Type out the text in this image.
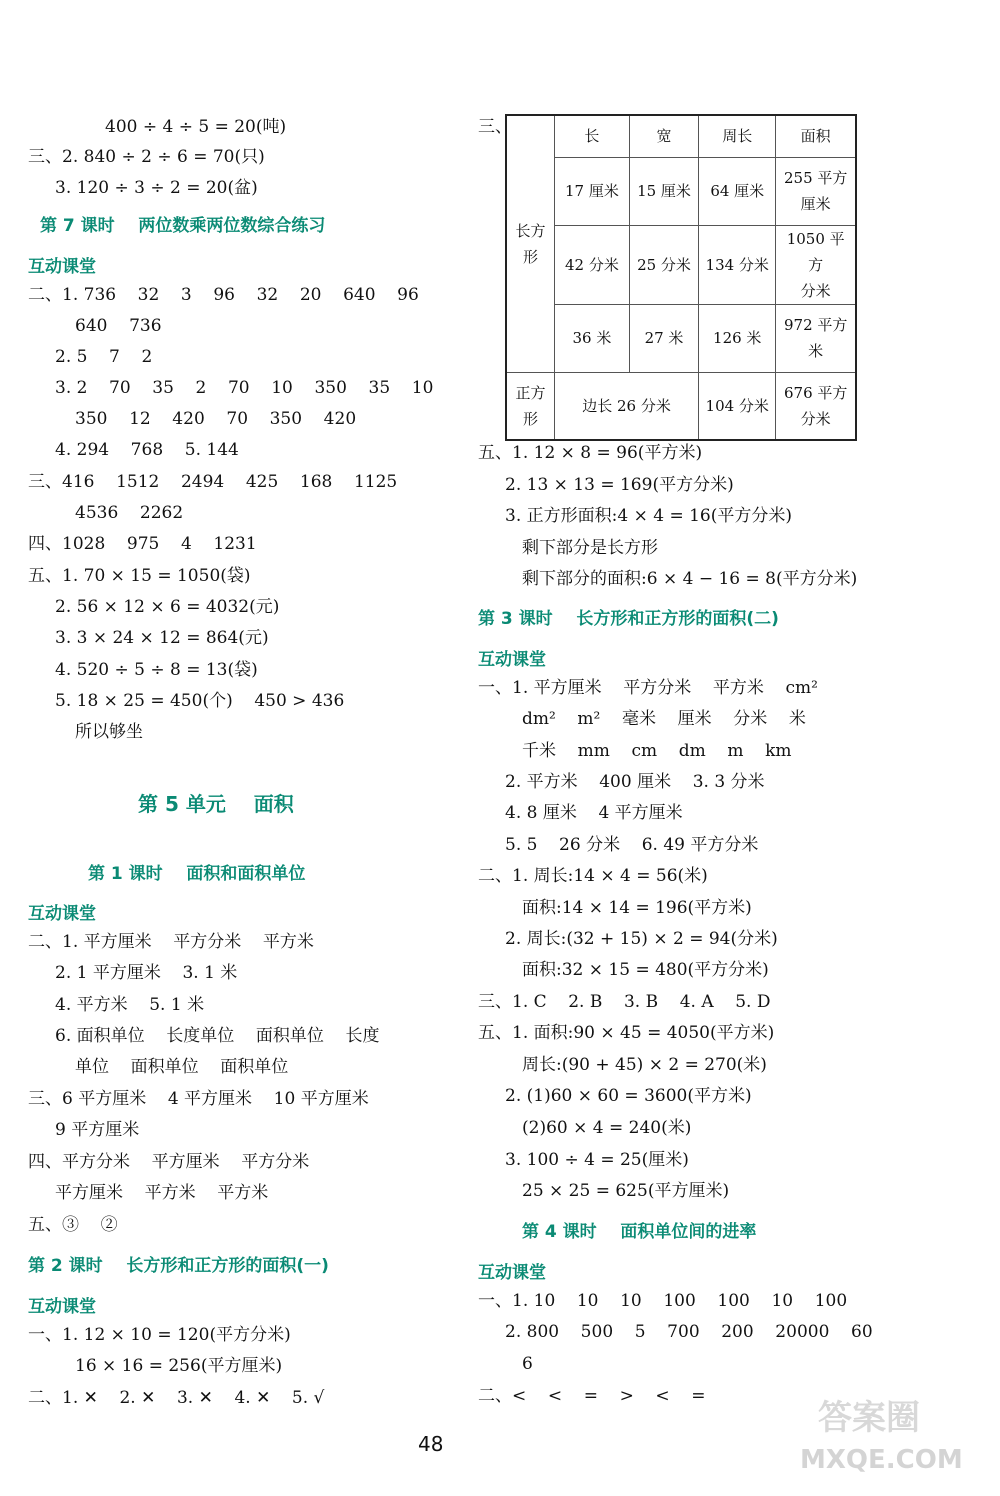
400 ÷ 4 ÷ 5 = 20(吨)
三、2. 840 ÷ 2 ÷ 6 = 70(只)
3. 120 ÷ 3 ÷ 2 = 20(盆)
第 7 课时    两位数乘两位数综合练习
互动课堂
二、1. 736    32    3    96    32    20    640    96
640    736
2. 5    7    2
3. 2    70    35    2    70    10    350    35    10
350    12    420    70    350    420
4. 294    768    5. 144
三、416    1512    2494    425    168    1125
4536    2262
四、1028    975    4    1231
五、1. 70 × 15 = 1050(袋)
2. 56 × 12 × 6 = 4032(元)
3. 3 × 24 × 12 = 864(元)
4. 520 ÷ 5 ÷ 8 = 13(袋)
5. 18 × 25 = 450(个)    450 > 436
所以够坐
第 5 单元    面积
第 1 课时    面积和面积单位
互动课堂
二、1. 平方厘米    平方分米    平方米
2. 1 平方厘米    3. 1 米
4. 平方米    5. 1 米
6. 面积单位    长度单位    面积单位    长度
单位    面积单位    面积单位
三、6 平方厘米    4 平方厘米    10 平方厘米
9 平方厘米
四、平方分米    平方厘米    平方分米
平方厘米    平方米    平方米
五、③    ②
第 2 课时    长方形和正方形的面积(一)
互动课堂
一、1. 12 × 10 = 120(平方分米)
16 × 16 = 256(平方厘米)
二、1. ✕    2. ✕    3. ✕    4. ✕    5. √
三、
长方形	长	宽	周长	面积
	17 厘米	15 厘米	64 厘米	255 平方
厘米
	42 分米	25 分米	134 分米	1050 平方
分米
	36 米	27 米	126 米	972 平方
米
正方形	边长 26 分米		104 分米	676 平方
分米
五、1. 12 × 8 = 96(平方米)
2. 13 × 13 = 169(平方分米)
3. 正方形面积:4 × 4 = 16(平方分米)
剩下部分是长方形
剩下部分的面积:6 × 4 − 16 = 8(平方分米)
第 3 课时    长方形和正方形的面积(二)
互动课堂
一、1. 平方厘米    平方分米    平方米    cm²
dm²    m²    毫米    厘米    分米    米
千米    mm    cm    dm    m    km
2. 平方米    400 厘米    3. 3 分米
4. 8 厘米    4 平方厘米
5. 5    26 分米    6. 49 平方分米
二、1. 周长:14 × 4 = 56(米)
面积:14 × 14 = 196(平方米)
2. 周长:(32 + 15) × 2 = 94(分米)
面积:32 × 15 = 480(平方分米)
三、1. C    2. B    3. B    4. A    5. D
五、1. 面积:90 × 45 = 4050(平方米)
周长:(90 + 45) × 2 = 270(米)
2. (1)60 × 60 = 3600(平方米)
(2)60 × 4 = 240(米)
3. 100 ÷ 4 = 25(厘米)
25 × 25 = 625(平方厘米)
第 4 课时    面积单位间的进率
互动课堂
一、1. 10    10    10    100    100    10    100
2. 800    500    5    700    200    20000    60
6
二、<    <    =    >    <    =
48
答案圈
MXQE.COM
